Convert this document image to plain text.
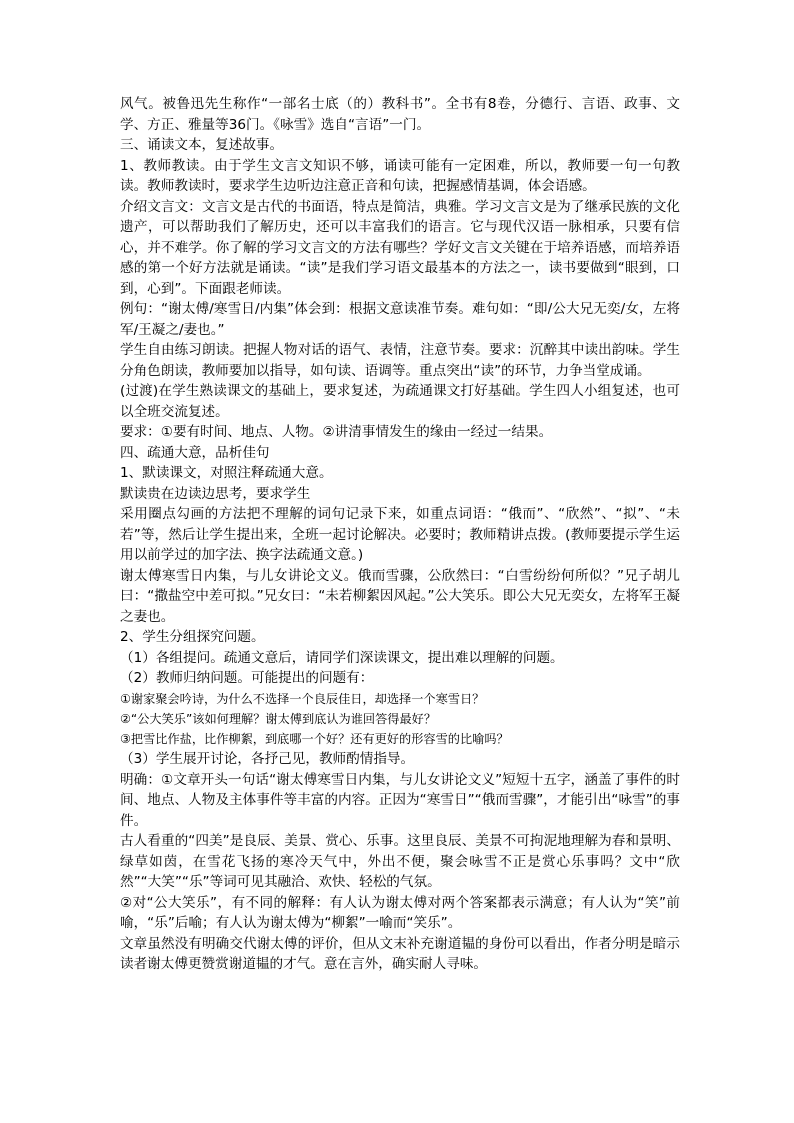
风气。被鲁迅先生称作“一部名士底（的）教科书”。全书有8卷，分德行、言语、政事、文学、方正、雅量等36门。《咏雪》选自“言语”一门。

三、诵读文本，复述故事。

1、教师教读。由于学生文言文知识不够，诵读可能有一定困难，所以，教师要一句一句教读。教师教读时，要求学生边听边注意正音和句读，把握感情基调，体会语感。

介绍文言文：文言文是古代的书面语，特点是简洁，典雅。学习文言文是为了继承民族的文化遗产，可以帮助我们了解历史，还可以丰富我们的语言。它与现代汉语一脉相承，只要有信心，并不难学。你了解的学习文言文的方法有哪些？学好文言文关键在于培养语感，而培养语感的第一个好方法就是诵读。“读”是我们学习语文最基本的方法之一，读书要做到“眼到，口到，心到”。下面跟老师读。

例句：“谢太傅/寒雪日/内集”体会到：根据文意读准节奏。难句如：“即/公大兄无奕/女，左将军/王凝之/妻也。”

学生自由练习朗读。把握人物对话的语气、表情，注意节奏。要求：沉醉其中读出韵味。学生分角色朗读，教师要加以指导，如句读、语调等。重点突出“读”的环节，力争当堂成诵。

(过渡)在学生熟读课文的基础上，要求复述，为疏通课文打好基础。学生四人小组复述，也可以全班交流复述。

要求：①要有时间、地点、人物。②讲清事情发生的缘由一经过一结果。

四、疏通大意，品析佳句

1、默读课文，对照注释疏通大意。

默读贵在边读边思考，要求学生

采用圈点勾画的方法把不理解的词句记录下来，如重点词语：“俄而”、“欣然”、“拟”、“未若”等，然后让学生提出来，全班一起讨论解决。必要时；教师精讲点拨。(教师要提示学生运用以前学过的加字法、换字法疏通文意。)

谢太傅寒雪日内集，与儿女讲论文义。俄而雪骤，公欣然曰：“白雪纷纷何所似？”兄子胡儿曰：“撒盐空中差可拟。”兄女曰：“未若柳絮因风起。”公大笑乐。即公大兄无奕女，左将军王凝之妻也。

2、学生分组探究问题。

（1）各组提问。疏通文意后，请同学们深读课文，提出难以理解的问题。

（2）教师归纳问题。可能提出的问题有：

①谢家聚会吟诗，为什么不选择一个良辰佳日，却选择一个寒雪日？

②“公大笑乐”该如何理解？谢太傅到底认为谁回答得最好？

③把雪比作盐，比作柳絮，到底哪一个好？还有更好的形容雪的比喻吗？

（3）学生展开讨论，各抒己见，教师酌情指导。

明确：①文章开头一句话“谢太傅寒雪日内集，与儿女讲论文义”短短十五字，涵盖了事件的时间、地点、人物及主体事件等丰富的内容。正因为“寒雪日”“俄而雪骤”，才能引出“咏雪”的事件。

古人看重的“四美”是良辰、美景、赏心、乐事。这里良辰、美景不可拘泥地理解为春和景明、绿草如茵，在雪花飞扬的寒冷天气中，外出不便，聚会咏雪不正是赏心乐事吗？文中“欣然”“大笑”“乐”等词可见其融洽、欢快、轻松的气氛。

②对“公大笑乐”，有不同的解释：有人认为谢太傅对两个答案都表示满意；有人认为“笑”前喻，“乐”后喻；有人认为谢太傅为“柳絮”一喻而“笑乐”。

文章虽然没有明确交代谢太傅的评价，但从文末补充谢道韫的身份可以看出，作者分明是暗示读者谢太傅更赞赏谢道韫的才气。意在言外，确实耐人寻味。
